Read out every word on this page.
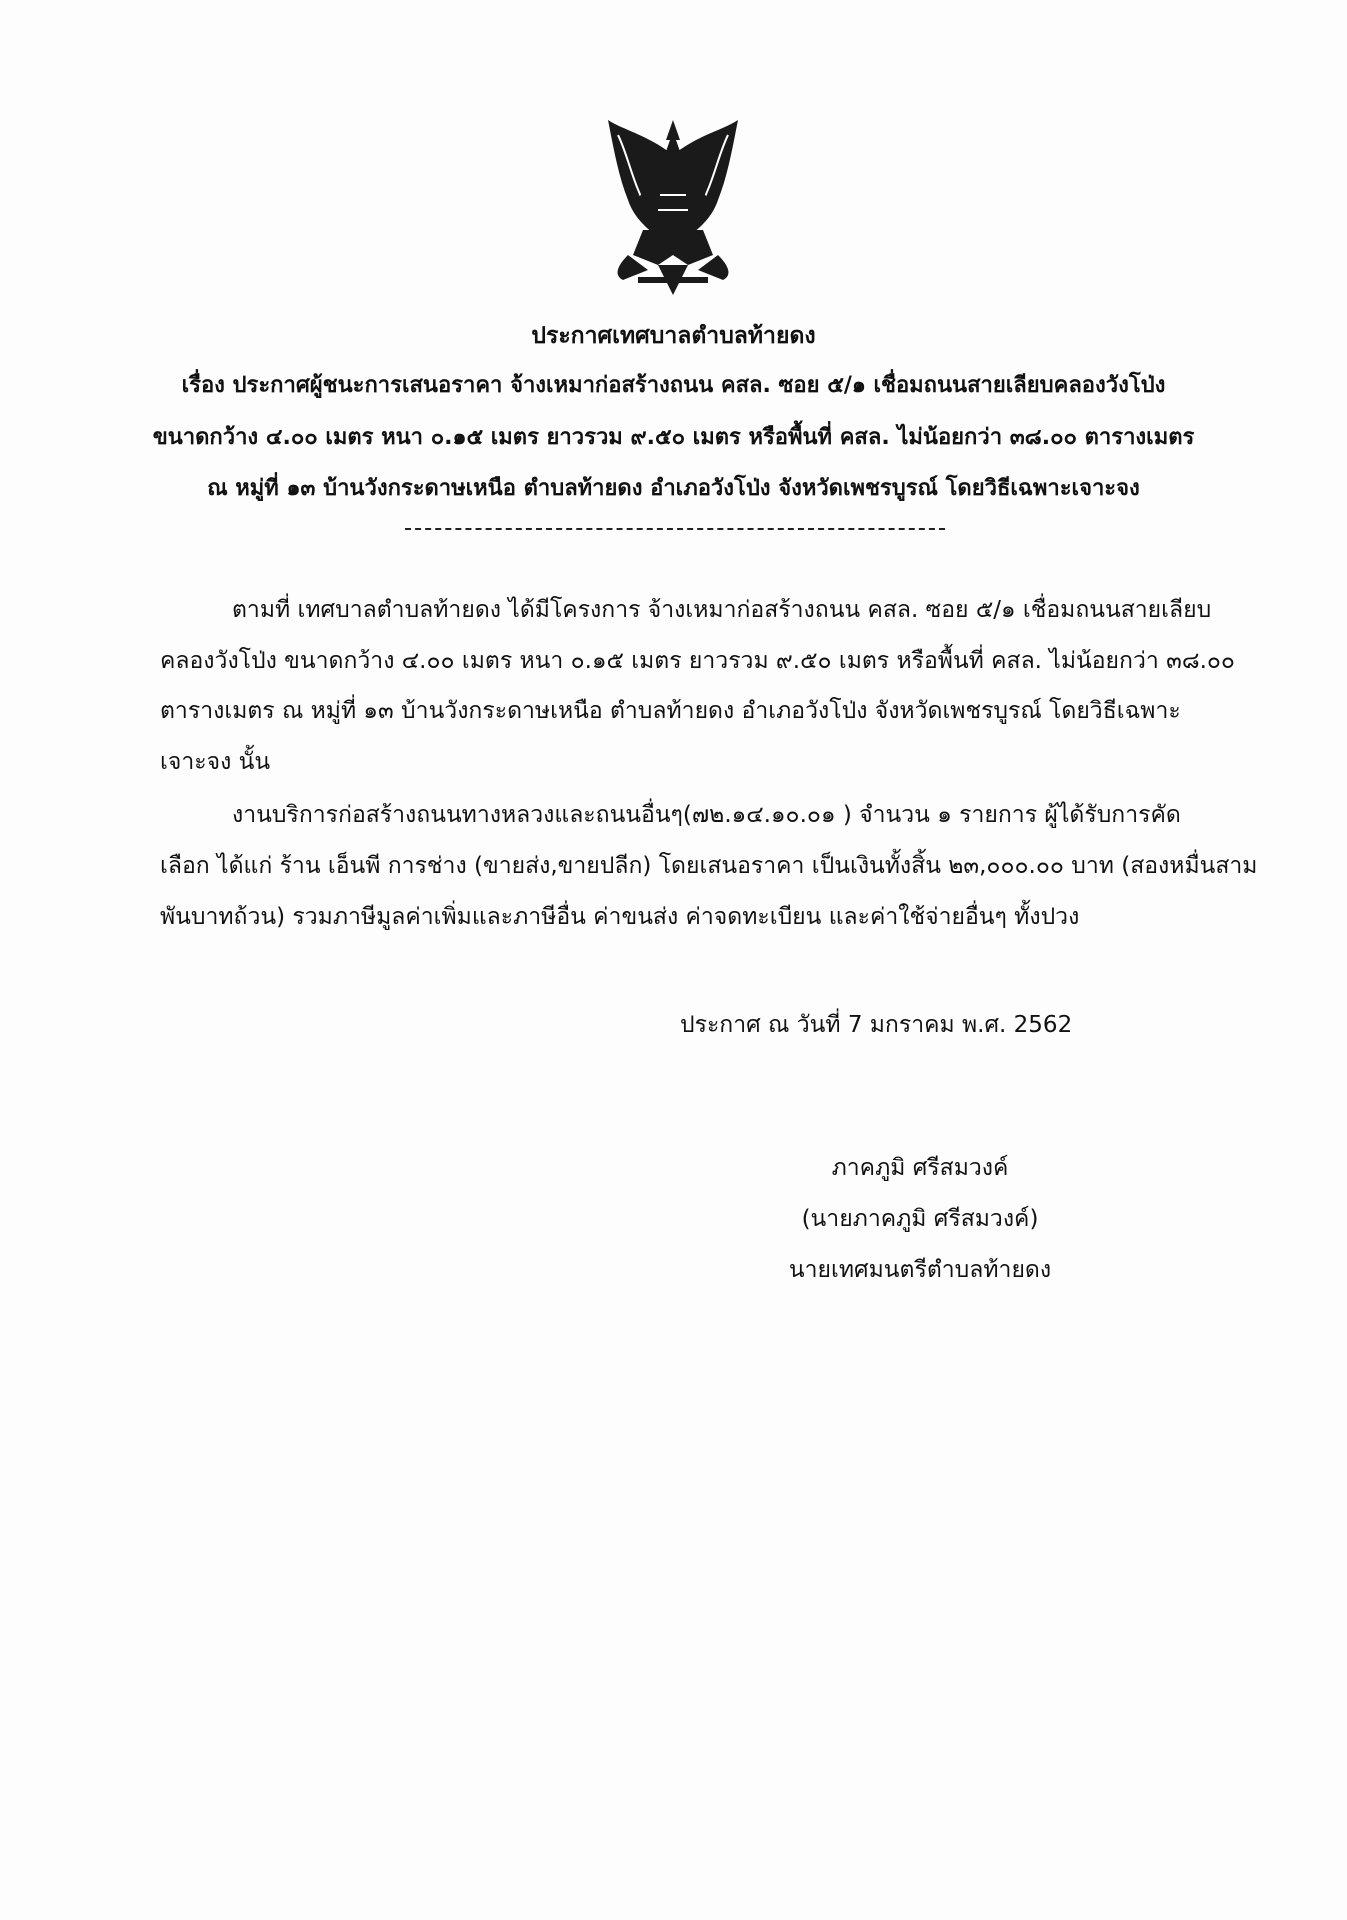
ประกาศเทศบาลตำบลท้ายดง
เรื่อง ประกาศผู้ชนะการเสนอราคา จ้างเหมาก่อสร้างถนน คสล. ซอย ๕/๑ เชื่อมถนนสายเลียบคลองวังโป่ง
ขนาดกว้าง ๔.๐๐ เมตร หนา ๐.๑๕ เมตร ยาวรวม ๙.๕๐ เมตร หรือพื้นที่ คสล. ไม่น้อยกว่า ๓๘.๐๐ ตารางเมตร
ณ หมู่ที่ ๑๓ บ้านวังกระดาษเหนือ ตำบลท้ายดง อำเภอวังโป่ง จังหวัดเพชรบูรณ์ โดยวิธีเฉพาะเจาะจง
ตามที่ เทศบาลตำบลท้ายดง ได้มีโครงการ จ้างเหมาก่อสร้างถนน คสล. ซอย ๕/๑ เชื่อมถนนสายเลียบ
คลองวังโป่ง ขนาดกว้าง ๔.๐๐ เมตร หนา ๐.๑๕ เมตร ยาวรวม ๙.๕๐ เมตร หรือพื้นที่ คสล. ไม่น้อยกว่า ๓๘.๐๐
ตารางเมตร ณ หมู่ที่ ๑๓ บ้านวังกระดาษเหนือ ตำบลท้ายดง อำเภอวังโป่ง จังหวัดเพชรบูรณ์ โดยวิธีเฉพาะ
เจาะจง นั้น
งานบริการก่อสร้างถนนทางหลวงและถนนอื่นๆ(๗๒.๑๔.๑๐.๐๑ ) จำนวน ๑ รายการ ผู้ได้รับการคัด
เลือก ได้แก่ ร้าน เอ็นพี การช่าง (ขายส่ง,ขายปลีก) โดยเสนอราคา เป็นเงินทั้งสิ้น ๒๓,๐๐๐.๐๐ บาท (สองหมื่นสาม
พันบาทถ้วน) รวมภาษีมูลค่าเพิ่มและภาษีอื่น ค่าขนส่ง ค่าจดทะเบียน และค่าใช้จ่ายอื่นๆ ทั้งปวง
ประกาศ ณ วันที่ 7 มกราคม พ.ศ. 2562
ภาคภูมิ ศรีสมวงค์
(นายภาคภูมิ ศรีสมวงค์)
นายเทศมนตรีตำบลท้ายดง
